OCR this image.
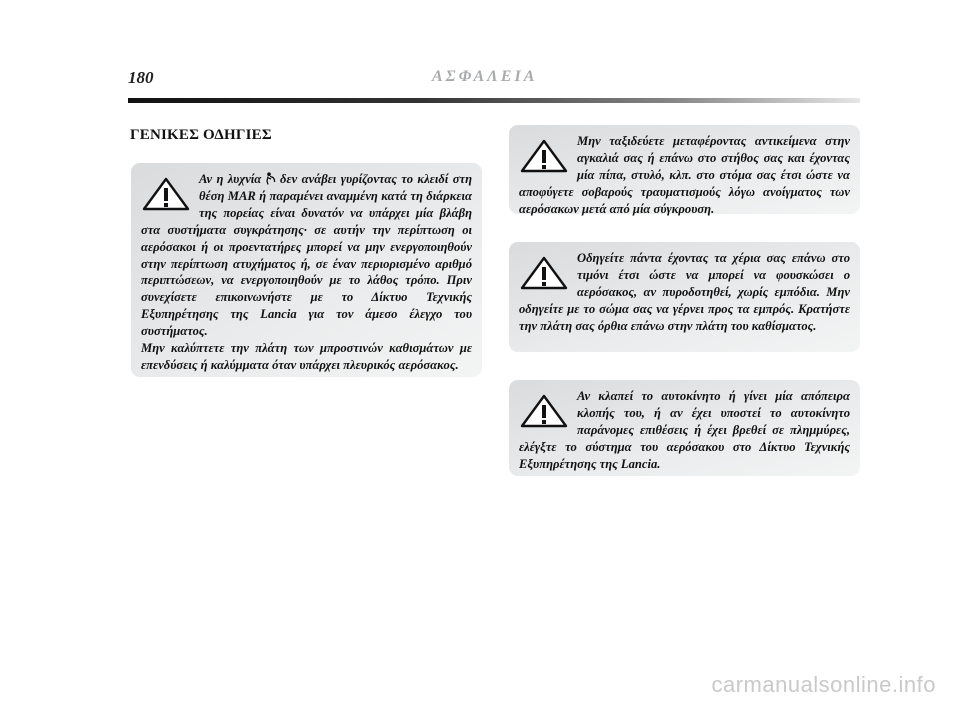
180	ΑΣΦΑΛΕΙΑ
ΓΕΝΙΚΕΣ ΟΔΗΓΙΕΣ

Αν η λυχνία  δεν ανάβει γυρίζοντας το κλειδί στη θέση MAR ή παραμένει αναμμένη κατά τη διάρκεια της πορείας είναι δυνατόν να υπάρχει μία βλάβη στα συστήματα συγκράτησης· σε αυτήν την περίπτωση οι αερόσακοι ή οι προεντατήρες μπορεί να μην ενεργοποιηθούν στην περίπτωση ατυχήματος ή, σε έναν περιορισμένο αριθμό περιπτώσεων, να ενεργοποιηθούν με το λάθος τρόπο. Πριν συνεχίσετε επικοινωνήστε με το Δίκτυο Τεχνικής Εξυπηρέτησης της Lancia για τον άμεσο έλεγχο του συστήματος.

Μην καλύπτετε την πλάτη των μπροστινών καθισμάτων με επενδύσεις ή καλύμματα όταν υπάρχει πλευρικός αερόσακος.

Μην ταξιδεύετε μεταφέροντας αντικείμενα στην αγκαλιά σας ή επάνω στο στήθος σας και έχοντας μία πίπα, στυλό, κλπ. στο στόμα σας έτσι ώστε να αποφύγετε σοβαρούς τραυματισμούς λόγω ανοίγματος των αερόσακων μετά από μία σύγκρουση.

Οδηγείτε πάντα έχοντας τα χέρια σας επάνω στο τιμόνι έτσι ώστε να μπορεί να φουσκώσει ο αερόσακος, αν πυροδοτηθεί, χωρίς εμπόδια. Μην οδηγείτε με το σώμα σας να γέρνει προς τα εμπρός. Κρατήστε την πλάτη σας όρθια επάνω στην πλάτη του καθίσματος.

Αν κλαπεί το αυτοκίνητο ή γίνει μία απόπειρα κλοπής του, ή αν έχει υποστεί το αυτοκίνητο παράνομες επιθέσεις ή έχει βρεθεί σε πλημμύρες, ελέγξτε το σύστημα του αερόσακου στο Δίκτυο Τεχνικής Εξυπηρέτησης της Lancia.

carmanualsonline.info
